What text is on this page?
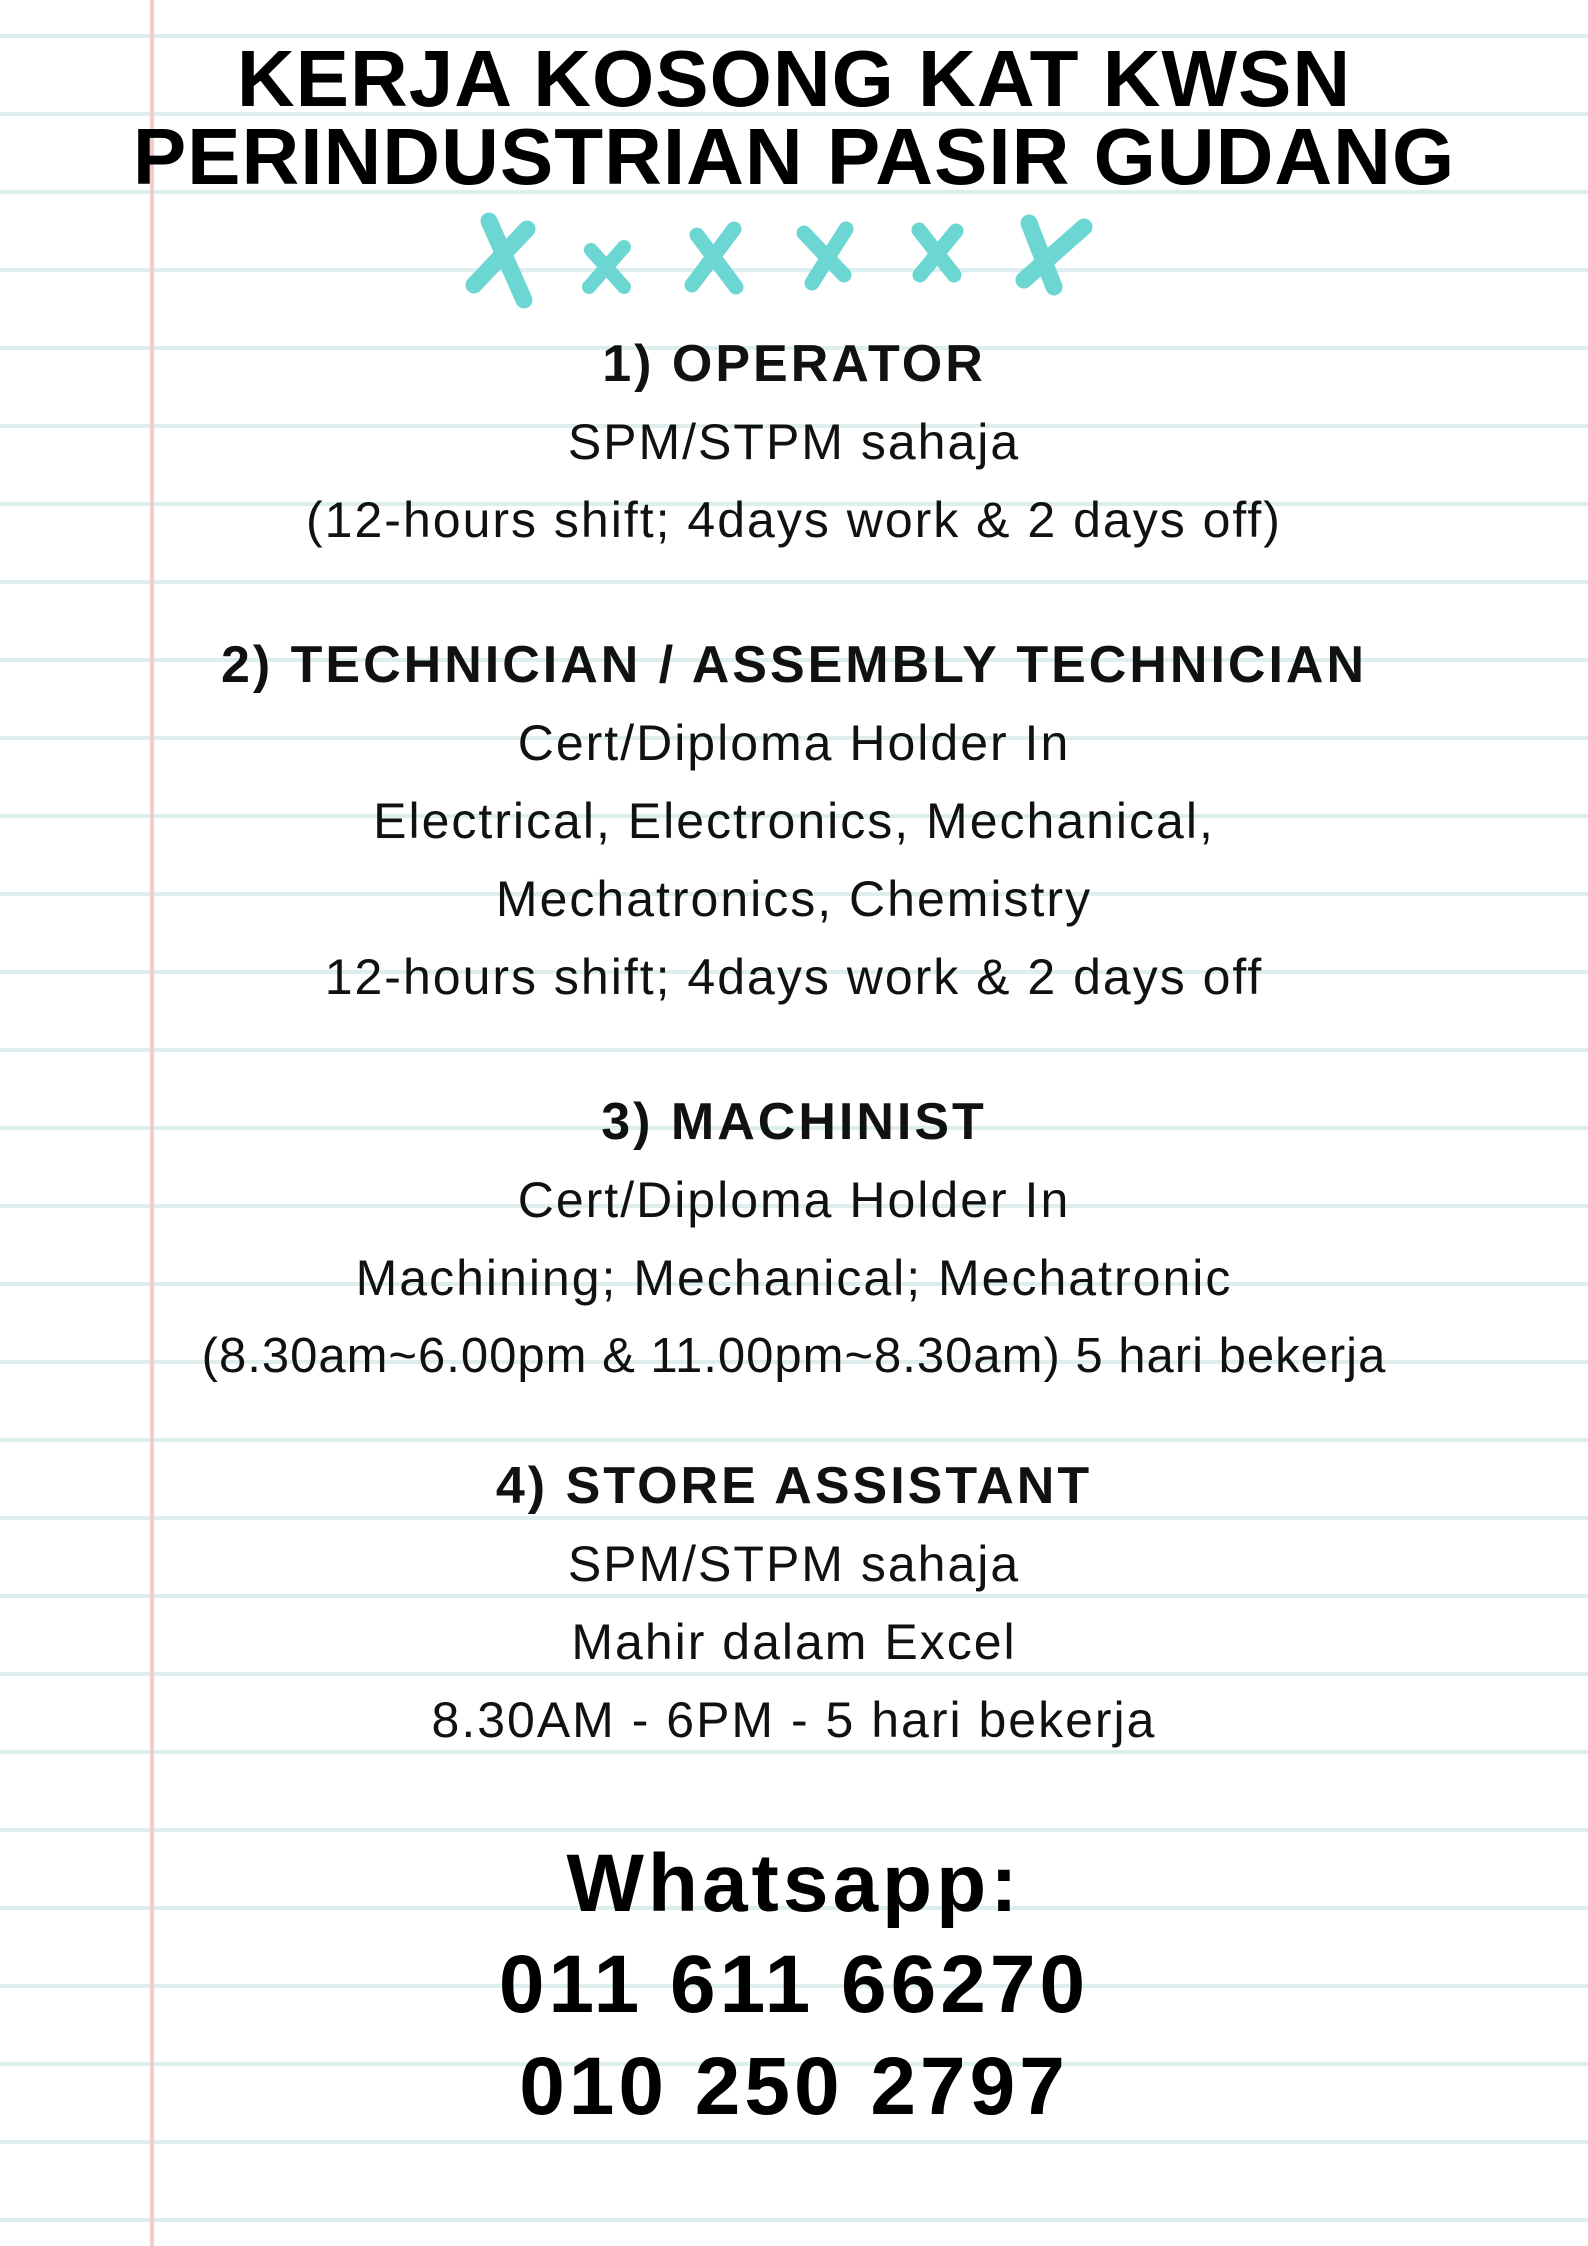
KERJA KOSONG KAT KWSN
PERINDUSTRIAN PASIR GUDANG
1) OPERATOR
SPM/STPM sahaja
(12-hours shift; 4days work & 2 days off)
2) TECHNICIAN / ASSEMBLY TECHNICIAN
Cert/Diploma Holder In
Electrical, Electronics, Mechanical,
Mechatronics, Chemistry
12-hours shift; 4days work & 2 days off
3) MACHINIST
Cert/Diploma Holder In
Machining; Mechanical; Mechatronic
(8.30am~6.00pm & 11.00pm~8.30am) 5 hari bekerja
4) STORE ASSISTANT
SPM/STPM sahaja
Mahir dalam Excel
8.30AM - 6PM - 5 hari bekerja
Whatsapp:
011 611 66270
010 250 2797
